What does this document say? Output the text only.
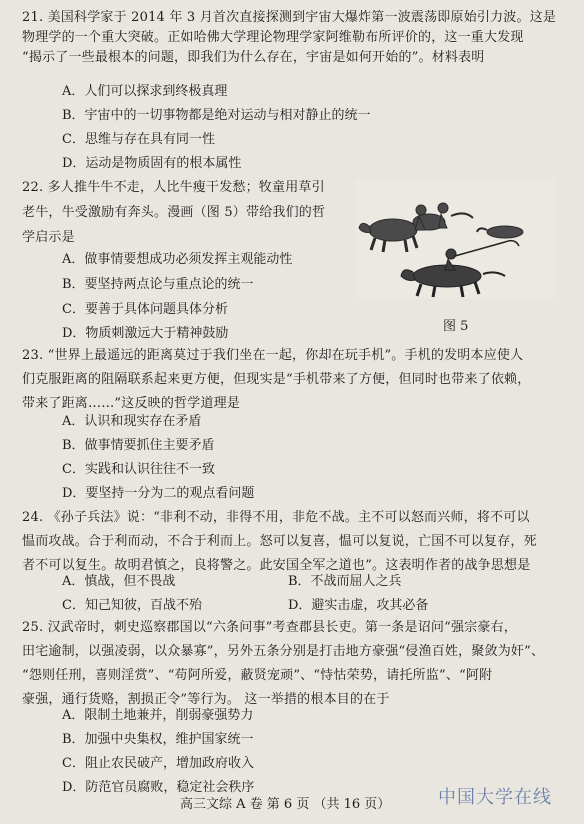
21. 美国科学家于 2014 年 3 月首次直接探测到宇宙大爆炸第一波震荡即原始引力波。这是
物理学的一个重大突破。正如哈佛大学理论物理学家阿维勒布所评价的，这一重大发现
“揭示了一些最根本的问题，即我们为什么存在，宇宙是如何开始的”。材料表明
A．人们可以探求到终极真理
B．宇宙中的一切事物都是绝对运动与相对静止的统一
C．思维与存在具有同一性
D．运动是物质固有的根本属性
22. 多人推牛牛不走，人比牛瘦干发愁；牧童用草引
老牛，牛受激励有奔头。漫画（图 5）带给我们的哲
学启示是
A．做事情要想成功必须发挥主观能动性
B．要坚持两点论与重点论的统一
C．要善于具体问题具体分析
D．物质刺激远大于精神鼓励	图 5
23. “世界上最遥远的距离莫过于我们坐在一起，你却在玩手机”。手机的发明本应使人
们克服距离的阻隔联系起来更方便，但现实是“手机带来了方便，但同时也带来了依赖，
带来了距离……”这反映的哲学道理是
A．认识和现实存在矛盾
B．做事情要抓住主要矛盾
C．实践和认识往往不一致
D．要坚持一分为二的观点看问题
24. 《孙子兵法》说：“非利不动，非得不用，非危不战。主不可以怒而兴师，将不可以
愠而攻战。合于利而动，不合于利而上。怒可以复喜，愠可以复说，亡国不可以复存，死
者不可以复生。故明君慎之，良将警之。此安国全军之道也”。这表明作者的战争思想是
A．慎战，但不畏战	B．不战而屈人之兵
C．知己知彼，百战不殆	D．避实击虚，攻其必备
25. 汉武帝时，刺史巡察郡国以“六条问事”考查郡县长吏。第一条是诏问“强宗豪右，
田宅逾制，以强凌弱，以众暴寡”，另外五条分别是打击地方豪强“侵渔百姓，聚敛为奸”、
“怨则任刑，喜则淫赏”、“苟阿所爱，蔽贤宠顽”、“恃怙荣势，请托所监”、“阿附
豪强，通行货赂，割损正令”等行为。 这一举措的根本目的在于
A．限制土地兼并，削弱豪强势力
B．加强中央集权，维护国家统一
C．阻止农民破产，增加政府收入
D．防范官员腐败，稳定社会秩序
高三文综 A 卷 第 6 页 （共 16 页）	中国大学在线
